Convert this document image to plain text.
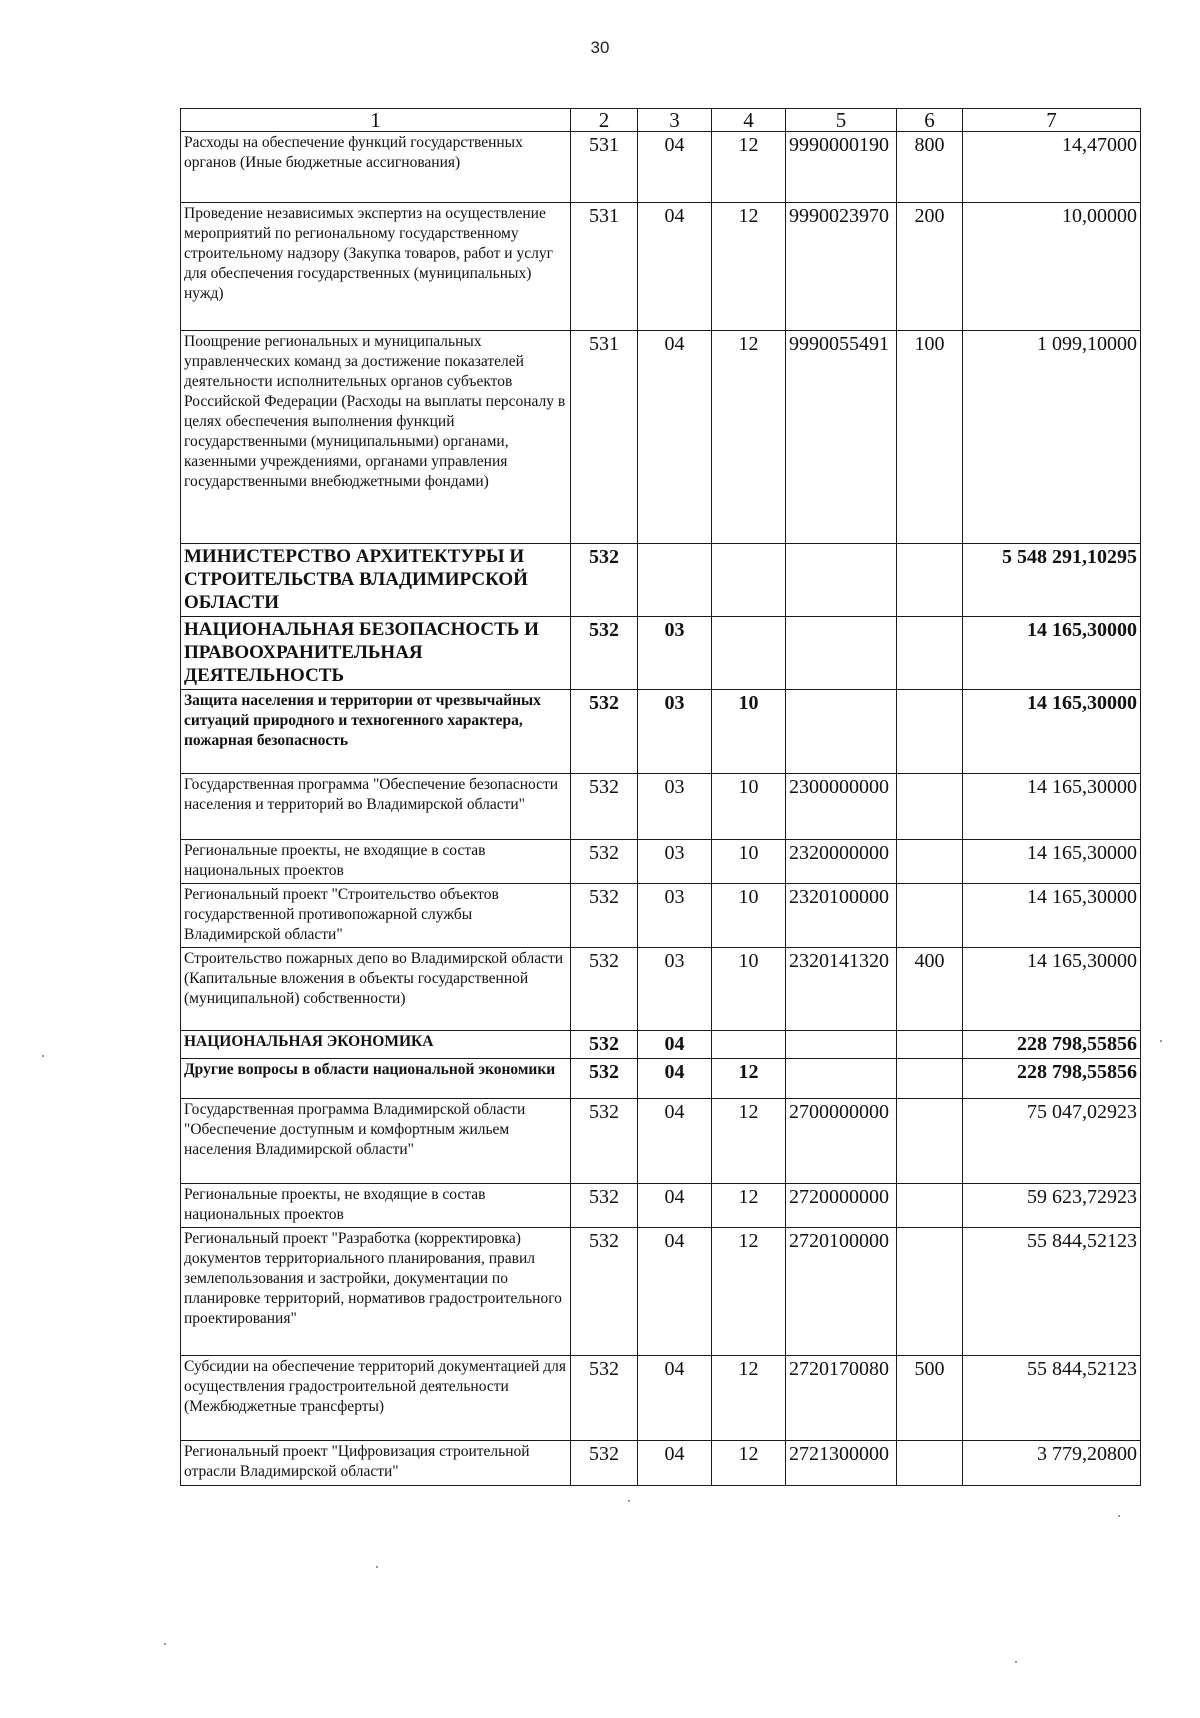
30
1	2	3	4	5	6	7
Расходы на обеспечение функций государственных органов (Иные бюджетные ассигнования)	531	04	12	9990000190	800	14,47000
Проведение независимых экспертиз на осуществление мероприятий по региональному государственному строительному надзору (Закупка товаров, работ и услуг для обеспечения государственных (муниципальных) нужд)	531	04	12	9990023970	200	10,00000
Поощрение региональных и муниципальных управленческих команд за достижение показателей деятельности исполнительных органов субъектов Российской Федерации (Расходы на выплаты персоналу в целях обеспечения выполнения функций государственными (муниципальными) органами, казенными учреждениями, органами управления государственными внебюджетными фондами)	531	04	12	9990055491	100	1 099,10000
МИНИСТЕРСТВО АРХИТЕКТУРЫ И СТРОИТЕЛЬСТВА ВЛАДИМИРСКОЙ ОБЛАСТИ	532					5 548 291,10295
НАЦИОНАЛЬНАЯ БЕЗОПАСНОСТЬ И ПРАВООХРАНИТЕЛЬНАЯ ДЕЯТЕЛЬНОСТЬ	532	03				14 165,30000
Защита населения и территории от чрезвычайных ситуаций природного и техногенного характера, пожарная безопасность	532	03	10			14 165,30000
Государственная программа "Обеспечение безопасности населения и территорий во Владимирской области"	532	03	10	2300000000		14 165,30000
Региональные проекты, не входящие в состав национальных проектов	532	03	10	2320000000		14 165,30000
Региональный проект "Строительство объектов государственной противопожарной службы Владимирской области"	532	03	10	2320100000		14 165,30000
Строительство пожарных депо во Владимирской области (Капитальные вложения в объекты государственной (муниципальной) собственности)	532	03	10	2320141320	400	14 165,30000
НАЦИОНАЛЬНАЯ ЭКОНОМИКА	532	04				228 798,55856
Другие вопросы в области национальной экономики	532	04	12			228 798,55856
Государственная программа Владимирской области "Обеспечение доступным и комфортным жильем населения Владимирской области"	532	04	12	2700000000		75 047,02923
Региональные проекты, не входящие в состав национальных проектов	532	04	12	2720000000		59 623,72923
Региональный проект "Разработка (корректировка) документов территориального планирования, правил землепользования и застройки, документации по планировке территорий, нормативов градостроительного проектирования"	532	04	12	2720100000		55 844,52123
Субсидии на обеспечение территорий документацией для осуществления градостроительной деятельности (Межбюджетные трансферты)	532	04	12	2720170080	500	55 844,52123
Региональный проект "Цифровизация строительной отрасли Владимирской области"	532	04	12	2721300000		3 779,20800
